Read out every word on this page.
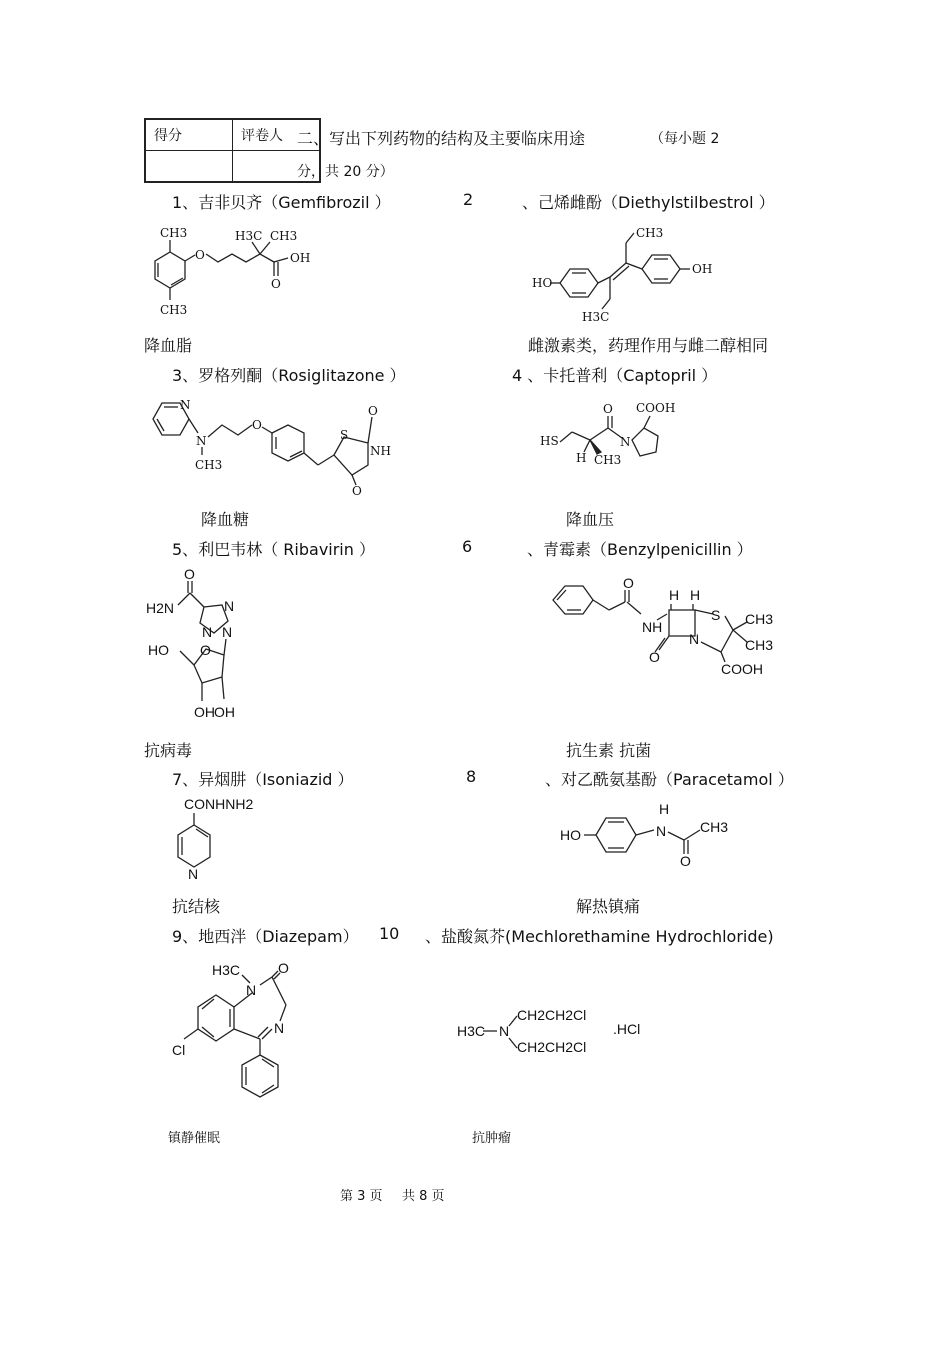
得分	评卷人
	二、写出下列药物的结构及主要临床用途	（每小题 2
分，共 20 分）
1、吉非贝齐（Gemfibrozil ）	2	、己烯雌酚（Diethylstilbestrol ）
CH3
CH3
O
H3C CH3
OH
O	HO
CH3
H3C
OH
降血脂	雌激素类，药理作用与雌二醇相同
3、罗格列酮（Rosiglitazone ）	4 、卡托普利（Captopril ）
N
N
CH3
O
S
O
NH
O
HS
H CH3
O
N
COOH
降血糖	降血压
5、利巴韦林（ Ribavirin ）	6	、青霉素（Benzylpenicillin ）
O
H2N	N
N N
O
HO
OH OH
O
NH
H H
N
O
S CH3
CH3
COOH
抗病毒	抗生素 抗菌
7、异烟肼（Isoniazid ）	8	、对乙酰氨基酚（Paracetamol ）
CONHNH2
N
HO
H
N
O
CH3
抗结核	解热镇痛
9、地西泮（Diazepam） 10 、盐酸氮芥(Mechlorethamine Hydrochloride)
H3C
N
O
N
Cl
H3C N
CH2CH2Cl
CH2CH2Cl
.HCl
镇静催眠	抗肿瘤
第 3 页 共 8 页
